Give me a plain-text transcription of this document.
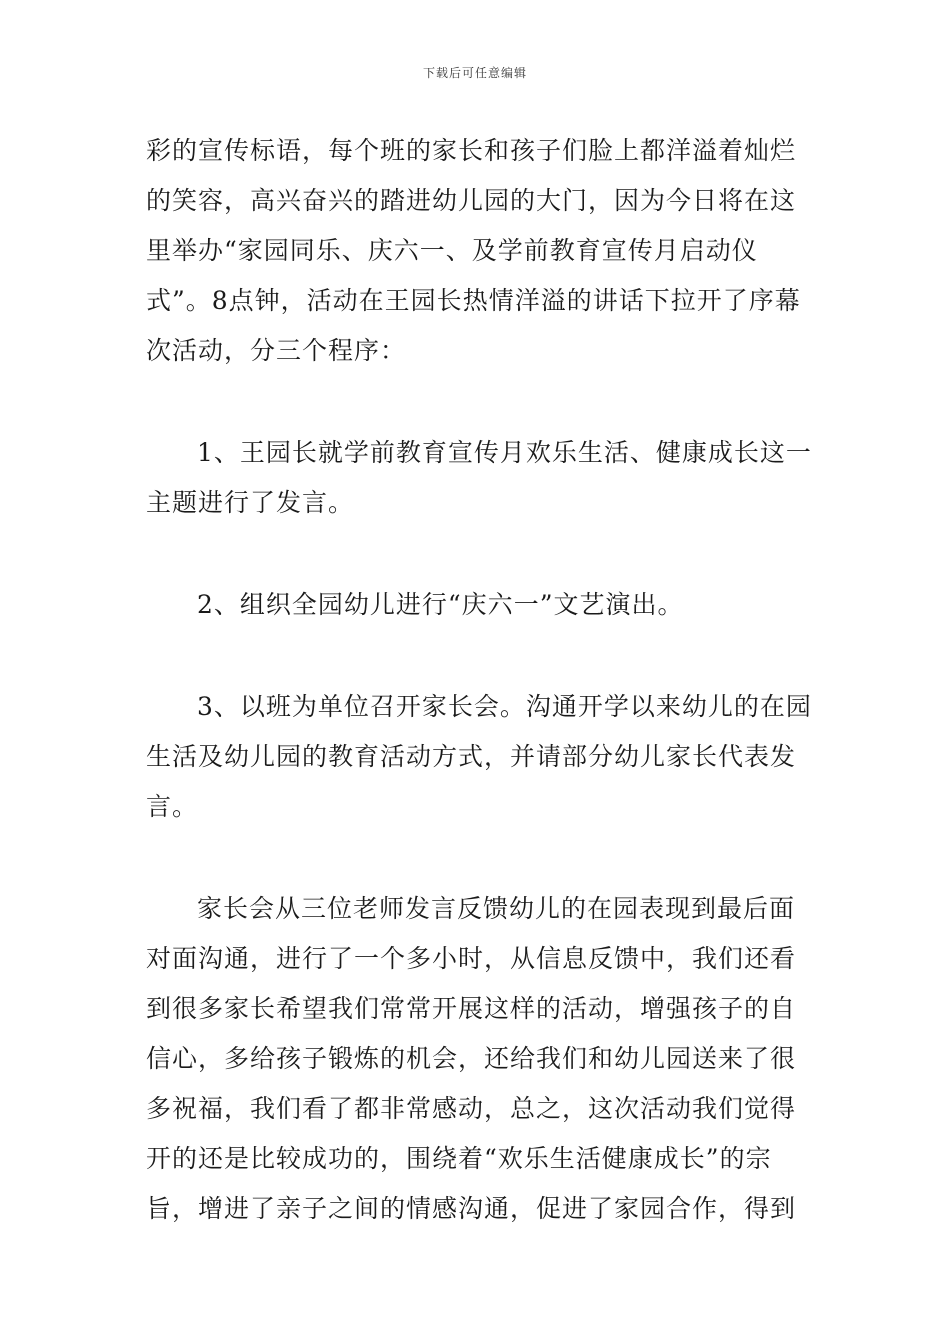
下载后可任意编辑

彩的宣传标语，每个班的家长和孩子们脸上都洋溢着灿烂
的笑容，高兴奋兴的踏进幼儿园的大门，因为今日将在这
里举办“家园同乐、庆六一、及学前教育宣传月启动仪
式”。8点钟，活动在王园长热情洋溢的讲话下拉开了序幕
次活动，分三个程序：

1、王园长就学前教育宣传月欢乐生活、健康成长这一
主题进行了发言。

2、组织全园幼儿进行“庆六一”文艺演出。

3、以班为单位召开家长会。沟通开学以来幼儿的在园
生活及幼儿园的教育活动方式，并请部分幼儿家长代表发
言。

家长会从三位老师发言反馈幼儿的在园表现到最后面
对面沟通，进行了一个多小时，从信息反馈中，我们还看
到很多家长希望我们常常开展这样的活动，增强孩子的自
信心，多给孩子锻炼的机会，还给我们和幼儿园送来了很
多祝福，我们看了都非常感动，总之，这次活动我们觉得
开的还是比较成功的，围绕着“欢乐生活健康成长”的宗
旨，增进了亲子之间的情感沟通，促进了家园合作，得到
